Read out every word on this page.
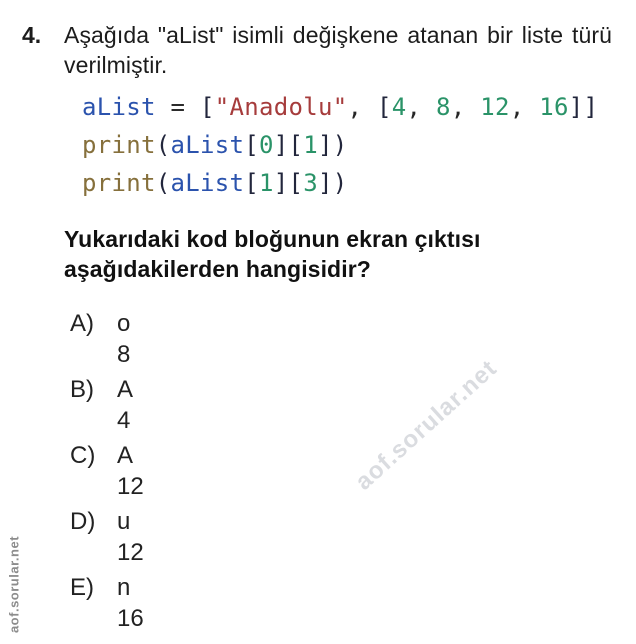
aof.sorular.net
aof.sorular.net
4. Aşağıda "aList" isimli değişkene atanan bir liste türü verilmiştir.

aList = ["Anadolu", [4, 8, 12, 16]]
print(aList[0][1])
print(aList[1][3])
Yukarıdaki kod bloğunun ekran çıktısı aşağıdakilerden hangisidir?
A) o
8
B) A
4
C) A
12
D) u
12
E) n
16
